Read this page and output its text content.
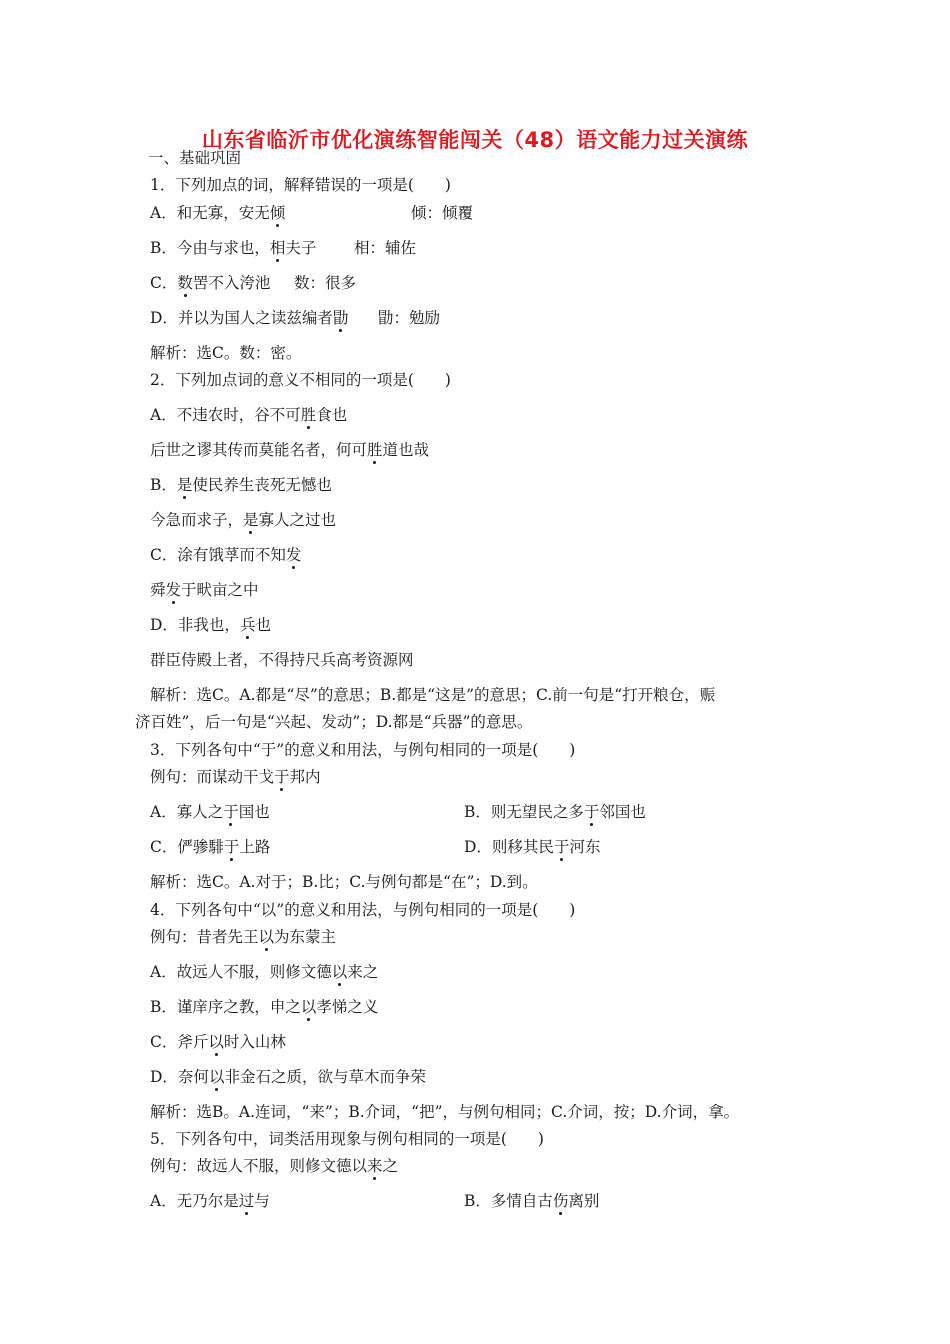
山东省临沂市优化演练智能闯关（48）语文能力过关演练
一、基础巩固
1．下列加点的词，解释错误的一项是(　　)
A．和无寡，安无倾	倾：倾覆
B．今由与求也，相夫子 相：辅佐
C．数罟不入洿池 数：很多
D．并以为国人之读兹编者勖 勖：勉励
解析：选C。数：密。
2．下列加点词的意义不相同的一项是(　　)
A．不违农时，谷不可胜食也
后世之谬其传而莫能名者，何可胜道也哉
B．是使民养生丧死无憾也
今急而求子，是寡人之过也
C．涂有饿莩而不知发
舜发于畎亩之中
D．非我也，兵也
群臣侍殿上者，不得持尺兵高考资源网
解析：选C。A.都是“尽”的意思；B.都是“这是”的意思；C.前一句是“打开粮仓，赈
济百姓”，后一句是“兴起、发动”；D.都是“兵器”的意思。
3．下列各句中“于”的意义和用法，与例句相同的一项是(　　)
例句：而谋动干戈于邦内
A．寡人之于国也	B．则无望民之多于邻国也
C．俨骖騑于上路	D．则移其民于河东
解析：选C。A.对于；B.比；C.与例句都是“在”；D.到。
4．下列各句中“以”的意义和用法，与例句相同的一项是(　　)
例句：昔者先王以为东蒙主
A．故远人不服，则修文德以来之
B．谨庠序之教，申之以孝悌之义
C．斧斤以时入山林
D．奈何以非金石之质，欲与草木而争荣
解析：选B。A.连词，“来”；B.介词，“把”，与例句相同；C.介词，按；D.介词，拿。
5．下列各句中，词类活用现象与例句相同的一项是(　　)
例句：故远人不服，则修文德以来之
A．无乃尔是过与	B．多情自古伤离别
